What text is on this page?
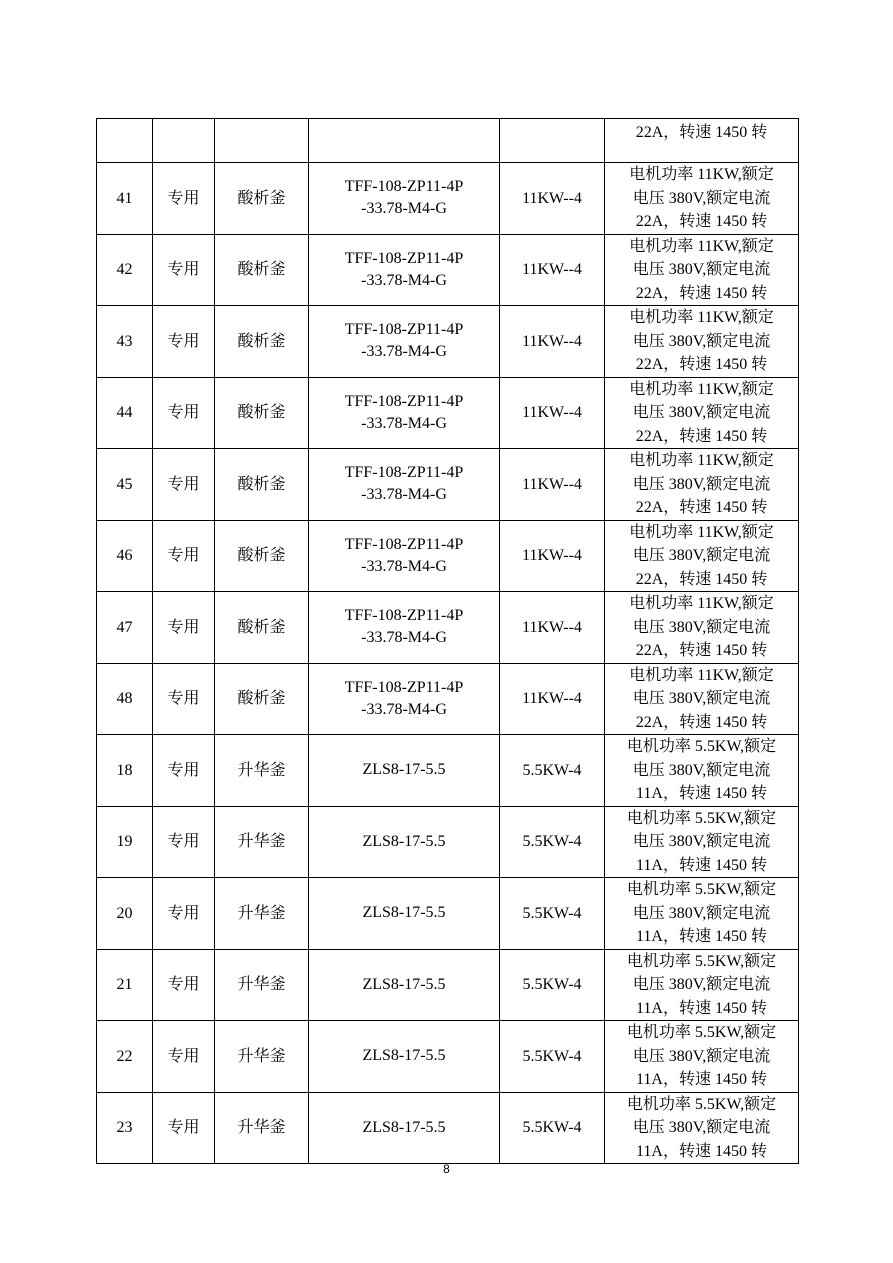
					22A，转速 1450 转

41	专用	酸析釜	TFF-108-ZP11-4P
-33.78-M4-G	11KW--4	电机功率 11KW,额定
电压 380V,额定电流
22A，转速 1450 转

42	专用	酸析釜	TFF-108-ZP11-4P
-33.78-M4-G	11KW--4	电机功率 11KW,额定
电压 380V,额定电流
22A，转速 1450 转

43	专用	酸析釜	TFF-108-ZP11-4P
-33.78-M4-G	11KW--4	电机功率 11KW,额定
电压 380V,额定电流
22A，转速 1450 转

44	专用	酸析釜	TFF-108-ZP11-4P
-33.78-M4-G	11KW--4	电机功率 11KW,额定
电压 380V,额定电流
22A，转速 1450 转

45	专用	酸析釜	TFF-108-ZP11-4P
-33.78-M4-G	11KW--4	电机功率 11KW,额定
电压 380V,额定电流
22A，转速 1450 转

46	专用	酸析釜	TFF-108-ZP11-4P
-33.78-M4-G	11KW--4	电机功率 11KW,额定
电压 380V,额定电流
22A，转速 1450 转

47	专用	酸析釜	TFF-108-ZP11-4P
-33.78-M4-G	11KW--4	电机功率 11KW,额定
电压 380V,额定电流
22A，转速 1450 转

48	专用	酸析釜	TFF-108-ZP11-4P
-33.78-M4-G	11KW--4	电机功率 11KW,额定
电压 380V,额定电流
22A，转速 1450 转

18	专用	升华釜	ZLS8-17-5.5	5.5KW-4	电机功率 5.5KW,额定
电压 380V,额定电流
11A，转速 1450 转

19	专用	升华釜	ZLS8-17-5.5	5.5KW-4	电机功率 5.5KW,额定
电压 380V,额定电流
11A，转速 1450 转

20	专用	升华釜	ZLS8-17-5.5	5.5KW-4	电机功率 5.5KW,额定
电压 380V,额定电流
11A，转速 1450 转

21	专用	升华釜	ZLS8-17-5.5	5.5KW-4	电机功率 5.5KW,额定
电压 380V,额定电流
11A，转速 1450 转

22	专用	升华釜	ZLS8-17-5.5	5.5KW-4	电机功率 5.5KW,额定
电压 380V,额定电流
11A，转速 1450 转

23	专用	升华釜	ZLS8-17-5.5	5.5KW-4	电机功率 5.5KW,额定
电压 380V,额定电流
11A，转速 1450 转
8
